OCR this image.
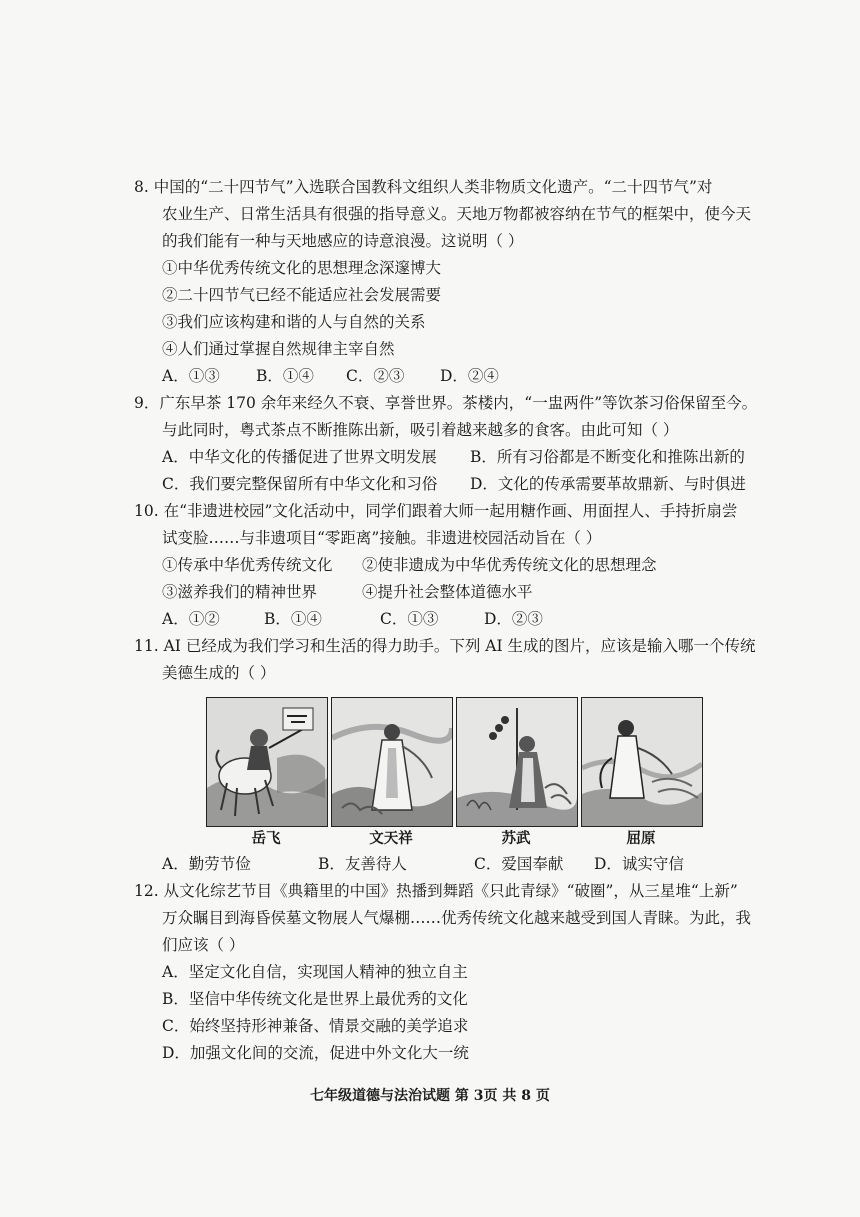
8. 中国的“二十四节气”入选联合国教科文组织人类非物质文化遗产。“二十四节气”对
农业生产、日常生活具有很强的指导意义。天地万物都被容纳在节气的框架中，使今天
的我们能有一种与天地感应的诗意浪漫。这说明（ ）
①中华优秀传统文化的思想理念深邃博大
②二十四节气已经不能适应社会发展需要
③我们应该构建和谐的人与自然的关系
④人们通过掌握自然规律主宰自然
A．①③ B．①④ C．②③ D．②④
9．广东早茶 170 余年来经久不衰、享誉世界。茶楼内，“一盅两件”等饮茶习俗保留至今。
与此同时，粤式茶点不断推陈出新，吸引着越来越多的食客。由此可知（ ）
A．中华文化的传播促进了世界文明发展 B．所有习俗都是不断变化和推陈出新的
C．我们要完整保留所有中华文化和习俗 D．文化的传承需要革故鼎新、与时俱进
10. 在“非遗进校园”文化活动中，同学们跟着大师一起用糖作画、用面捏人、手持折扇尝
试变脸……与非遗项目“零距离”接触。非遗进校园活动旨在（ ）
①传承中华优秀传统文化 ②使非遗成为中华优秀传统文化的思想理念
③滋养我们的精神世界	④提升社会整体道德水平
A．①②	B．①④	C．①③	D．②③
11. AI 已经成为我们学习和生活的得力助手。下列 AI 生成的图片，应该是输入哪一个传统
美德生成的（ ）
岳飞	文天祥	苏武	屈原
A．勤劳节俭	B．友善待人	C．爱国奉献 D．诚实守信
12. 从文化综艺节目《典籍里的中国》热播到舞蹈《只此青绿》“破圈”，从三星堆“上新”
万众瞩目到海昏侯墓文物展人气爆棚……优秀传统文化越来越受到国人青睐。为此，我
们应该（ ）
A．坚定文化自信，实现国人精神的独立自主
B．坚信中华传统文化是世界上最优秀的文化
C．始终坚持形神兼备、情景交融的美学追求
D．加强文化间的交流，促进中外文化大一统
七年级道德与法治试题 第 3页 共 8 页
